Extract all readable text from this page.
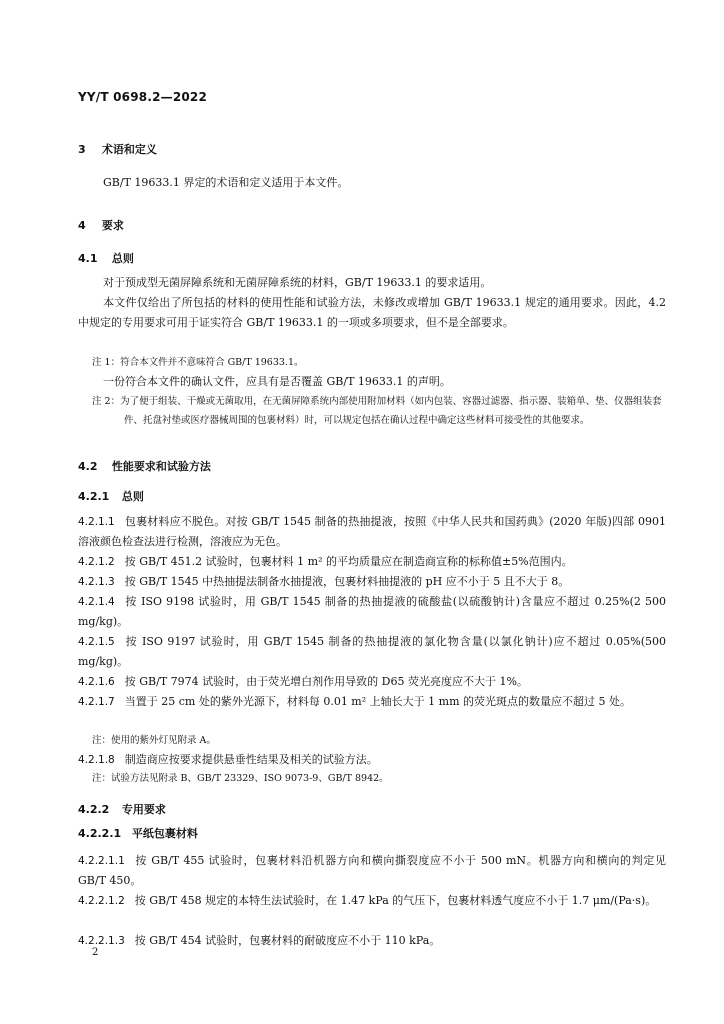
YY/T 0698.2—2022
3 术语和定义
GB/T 19633.1 界定的术语和定义适用于本文件。
4 要求
4.1 总则
对于预成型无菌屏障系统和无菌屏障系统的材料，GB/T 19633.1 的要求适用。
本文件仅给出了所包括的材料的使用性能和试验方法，未修改或增加 GB/T 19633.1 规定的通用要求。因此，4.2 中规定的专用要求可用于证实符合 GB/T 19633.1 的一项或多项要求，但不是全部要求。
注 1：符合本文件并不意味符合 GB/T 19633.1。
一份符合本文件的确认文件，应具有是否覆盖 GB/T 19633.1 的声明。
注 2：为了便于组装、干燥或无菌取用，在无菌屏障系统内部使用附加材料（如内包装、容器过滤器、指示器、装箱单、垫、仪器组装套件、托盘衬垫或医疗器械周围的包裹材料）时，可以规定包括在确认过程中确定这些材料可接受性的其他要求。
4.2 性能要求和试验方法
4.2.1 总则
4.2.1.1 包裹材料应不脱色。对按 GB/T 1545 制备的热抽提液，按照《中华人民共和国药典》(2020 年版)四部 0901 溶液颜色检查法进行检测，溶液应为无色。
4.2.1.2 按 GB/T 451.2 试验时，包裹材料 1 m² 的平均质量应在制造商宣称的标称值±5%范围内。
4.2.1.3 按 GB/T 1545 中热抽提法制备水抽提液，包裹材料抽提液的 pH 应不小于 5 且不大于 8。
4.2.1.4 按 ISO 9198 试验时，用 GB/T 1545 制备的热抽提液的硫酸盐(以硫酸钠计)含量应不超过 0.25%(2 500 mg/kg)。
4.2.1.5 按 ISO 9197 试验时，用 GB/T 1545 制备的热抽提液的氯化物含量(以氯化钠计)应不超过 0.05%(500 mg/kg)。
4.2.1.6 按 GB/T 7974 试验时，由于荧光增白剂作用导致的 D65 荧光亮度应不大于 1%。
4.2.1.7 当置于 25 cm 处的紫外光源下，材料每 0.01 m² 上轴长大于 1 mm 的荧光斑点的数量应不超过 5 处。
注：使用的紫外灯见附录 A。
4.2.1.8 制造商应按要求提供悬垂性结果及相关的试验方法。
注：试验方法见附录 B、GB/T 23329、ISO 9073-9、GB/T 8942。
4.2.2 专用要求
4.2.2.1 平纸包裹材料
4.2.2.1.1 按 GB/T 455 试验时，包裹材料沿机器方向和横向撕裂度应不小于 500 mN。机器方向和横向的判定见 GB/T 450。
4.2.2.1.2 按 GB/T 458 规定的本特生法试验时，在 1.47 kPa 的气压下，包裹材料透气度应不小于 1.7 μm/(Pa·s)。
4.2.2.1.3 按 GB/T 454 试验时，包裹材料的耐破度应不小于 110 kPa。
2
